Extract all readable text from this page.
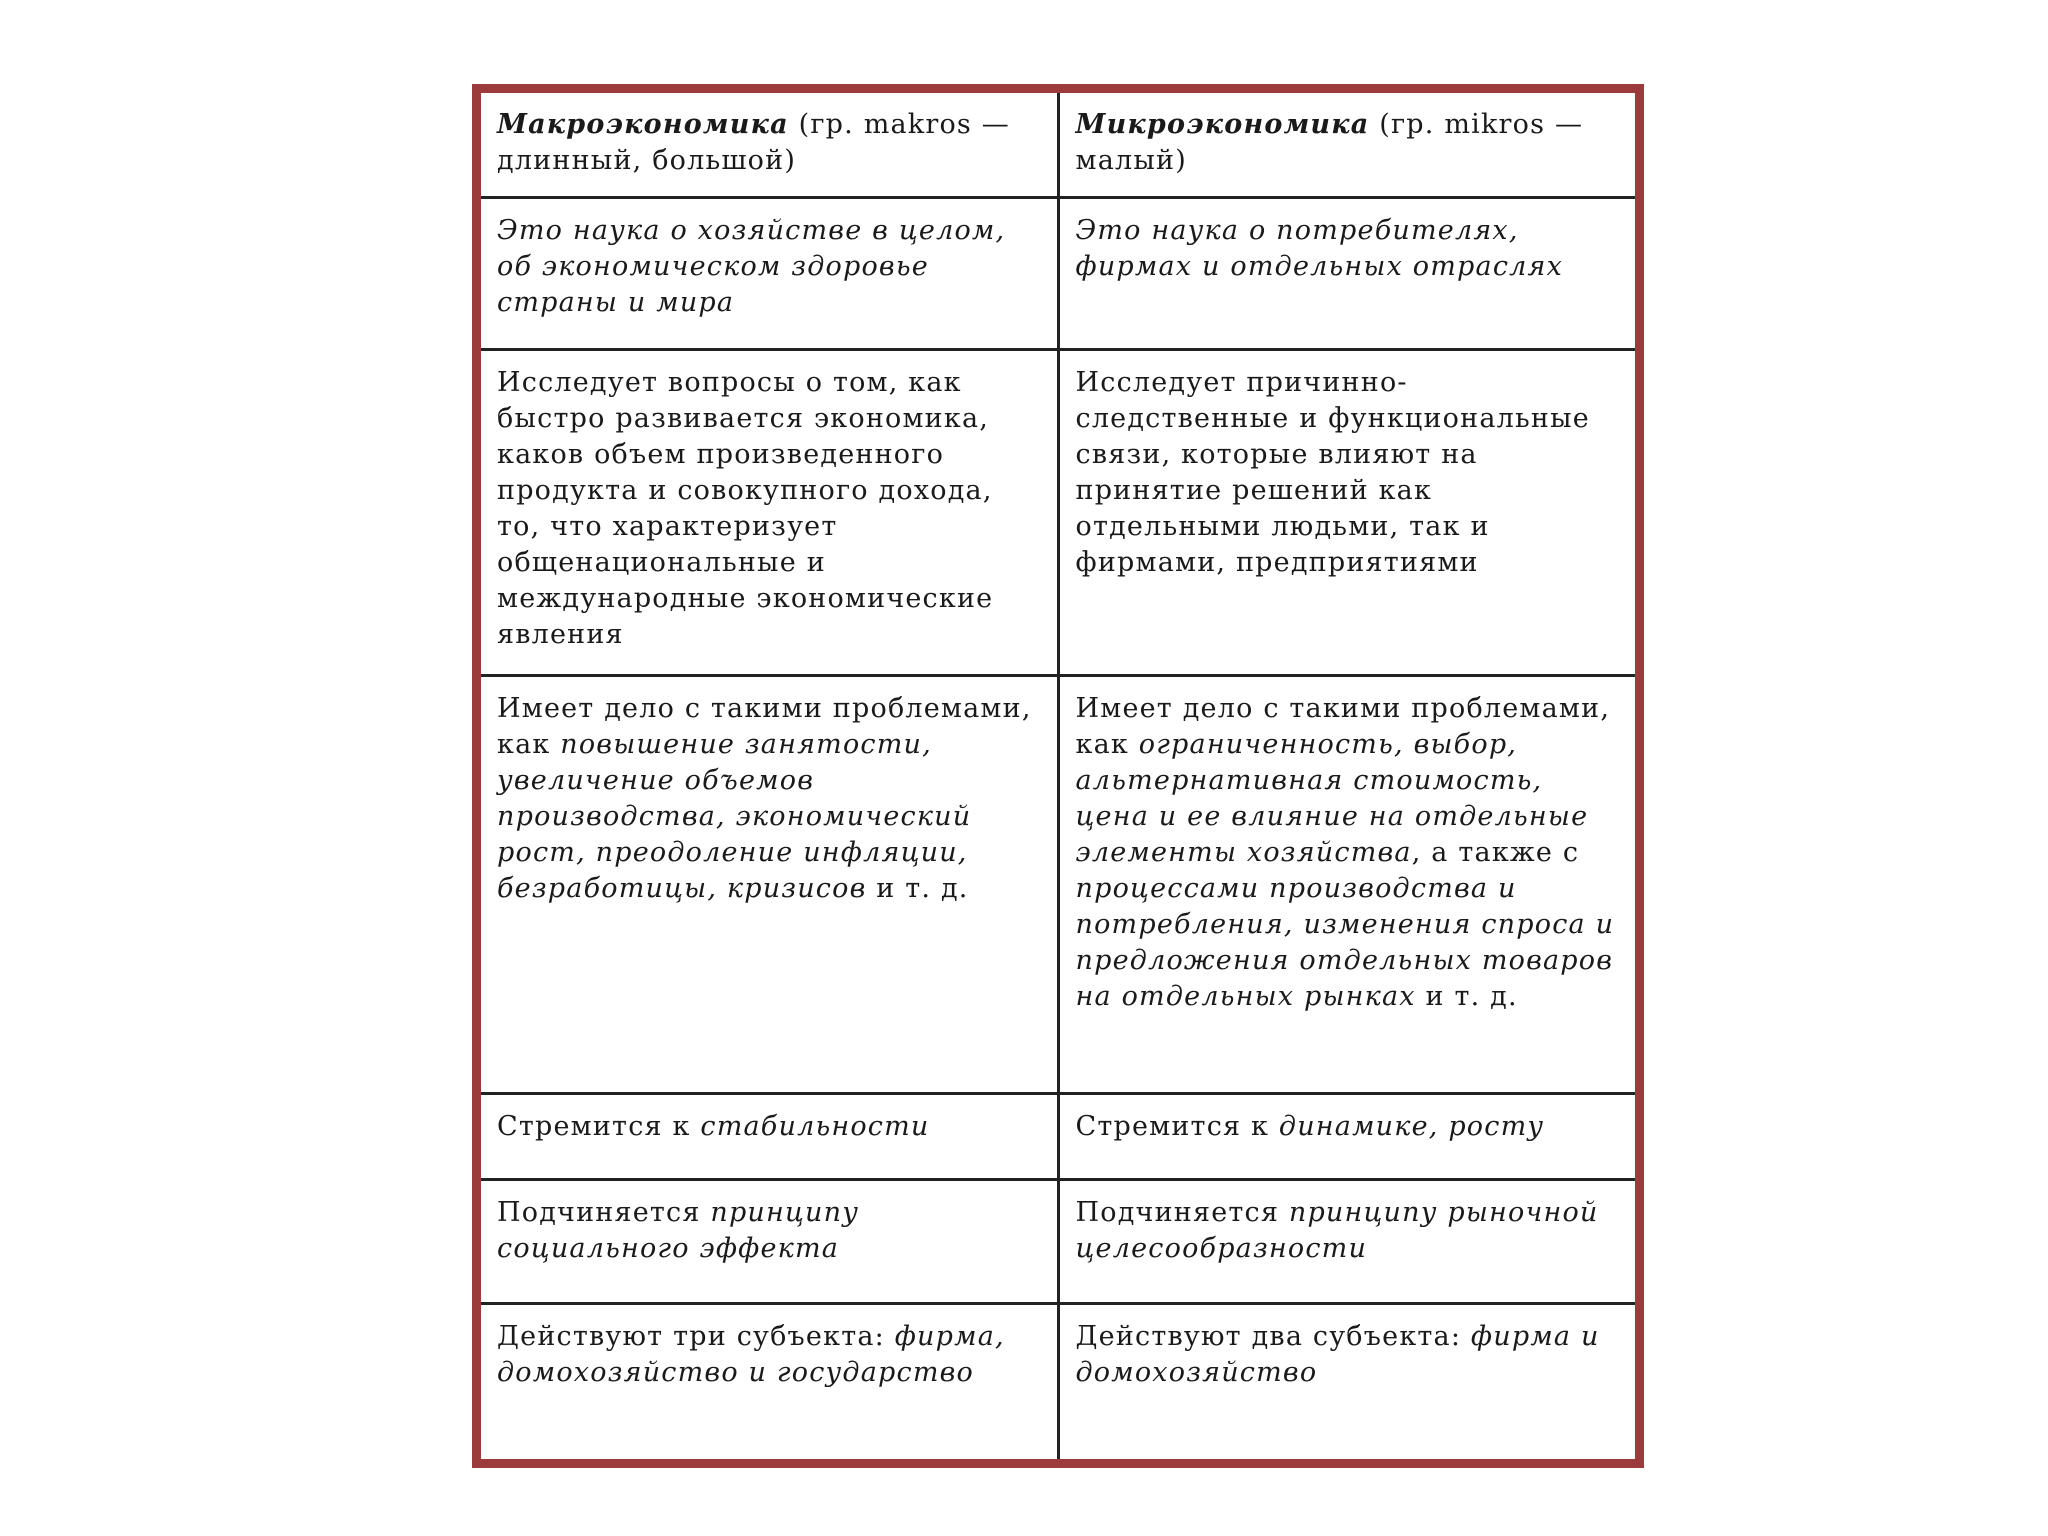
Макроэкономика (гр. makros — длинный, большой)	Микроэкономика (гр. mikros — малый)
Это наука о хозяйстве в целом, об экономическом здоровье страны и мира	Это наука о потребителях, фирмах и отдельных отраслях
Исследует вопросы о том, как быстро развивается экономика, каков объем произведенного продукта и совокупного дохода, то, что характеризует общенациональные и международные экономические явления	Исследует причинно-следственные и функциональные связи, которые влияют на принятие решений как отдельными людьми, так и фирмами, предприятиями
Имеет дело с такими проблемами, как повышение занятости, увеличение объемов производства, экономический рост, преодоление инфляции, безработицы, кризисов и т. д.	Имеет дело с такими проблемами, как ограниченность, выбор, альтернативная стоимость, цена и ее влияние на отдельные элементы хозяйства, а также с процессами производства и потребления, изменения спроса и предложения отдельных товаров на отдельных рынках и т. д.
Стремится к стабильности	Стремится к динамике, росту
Подчиняется принципу социального эффекта	Подчиняется принципу рыночной целесообразности
Действуют три субъекта: фирма, домохозяйство и государство	Действуют два субъекта: фирма и домохозяйство
